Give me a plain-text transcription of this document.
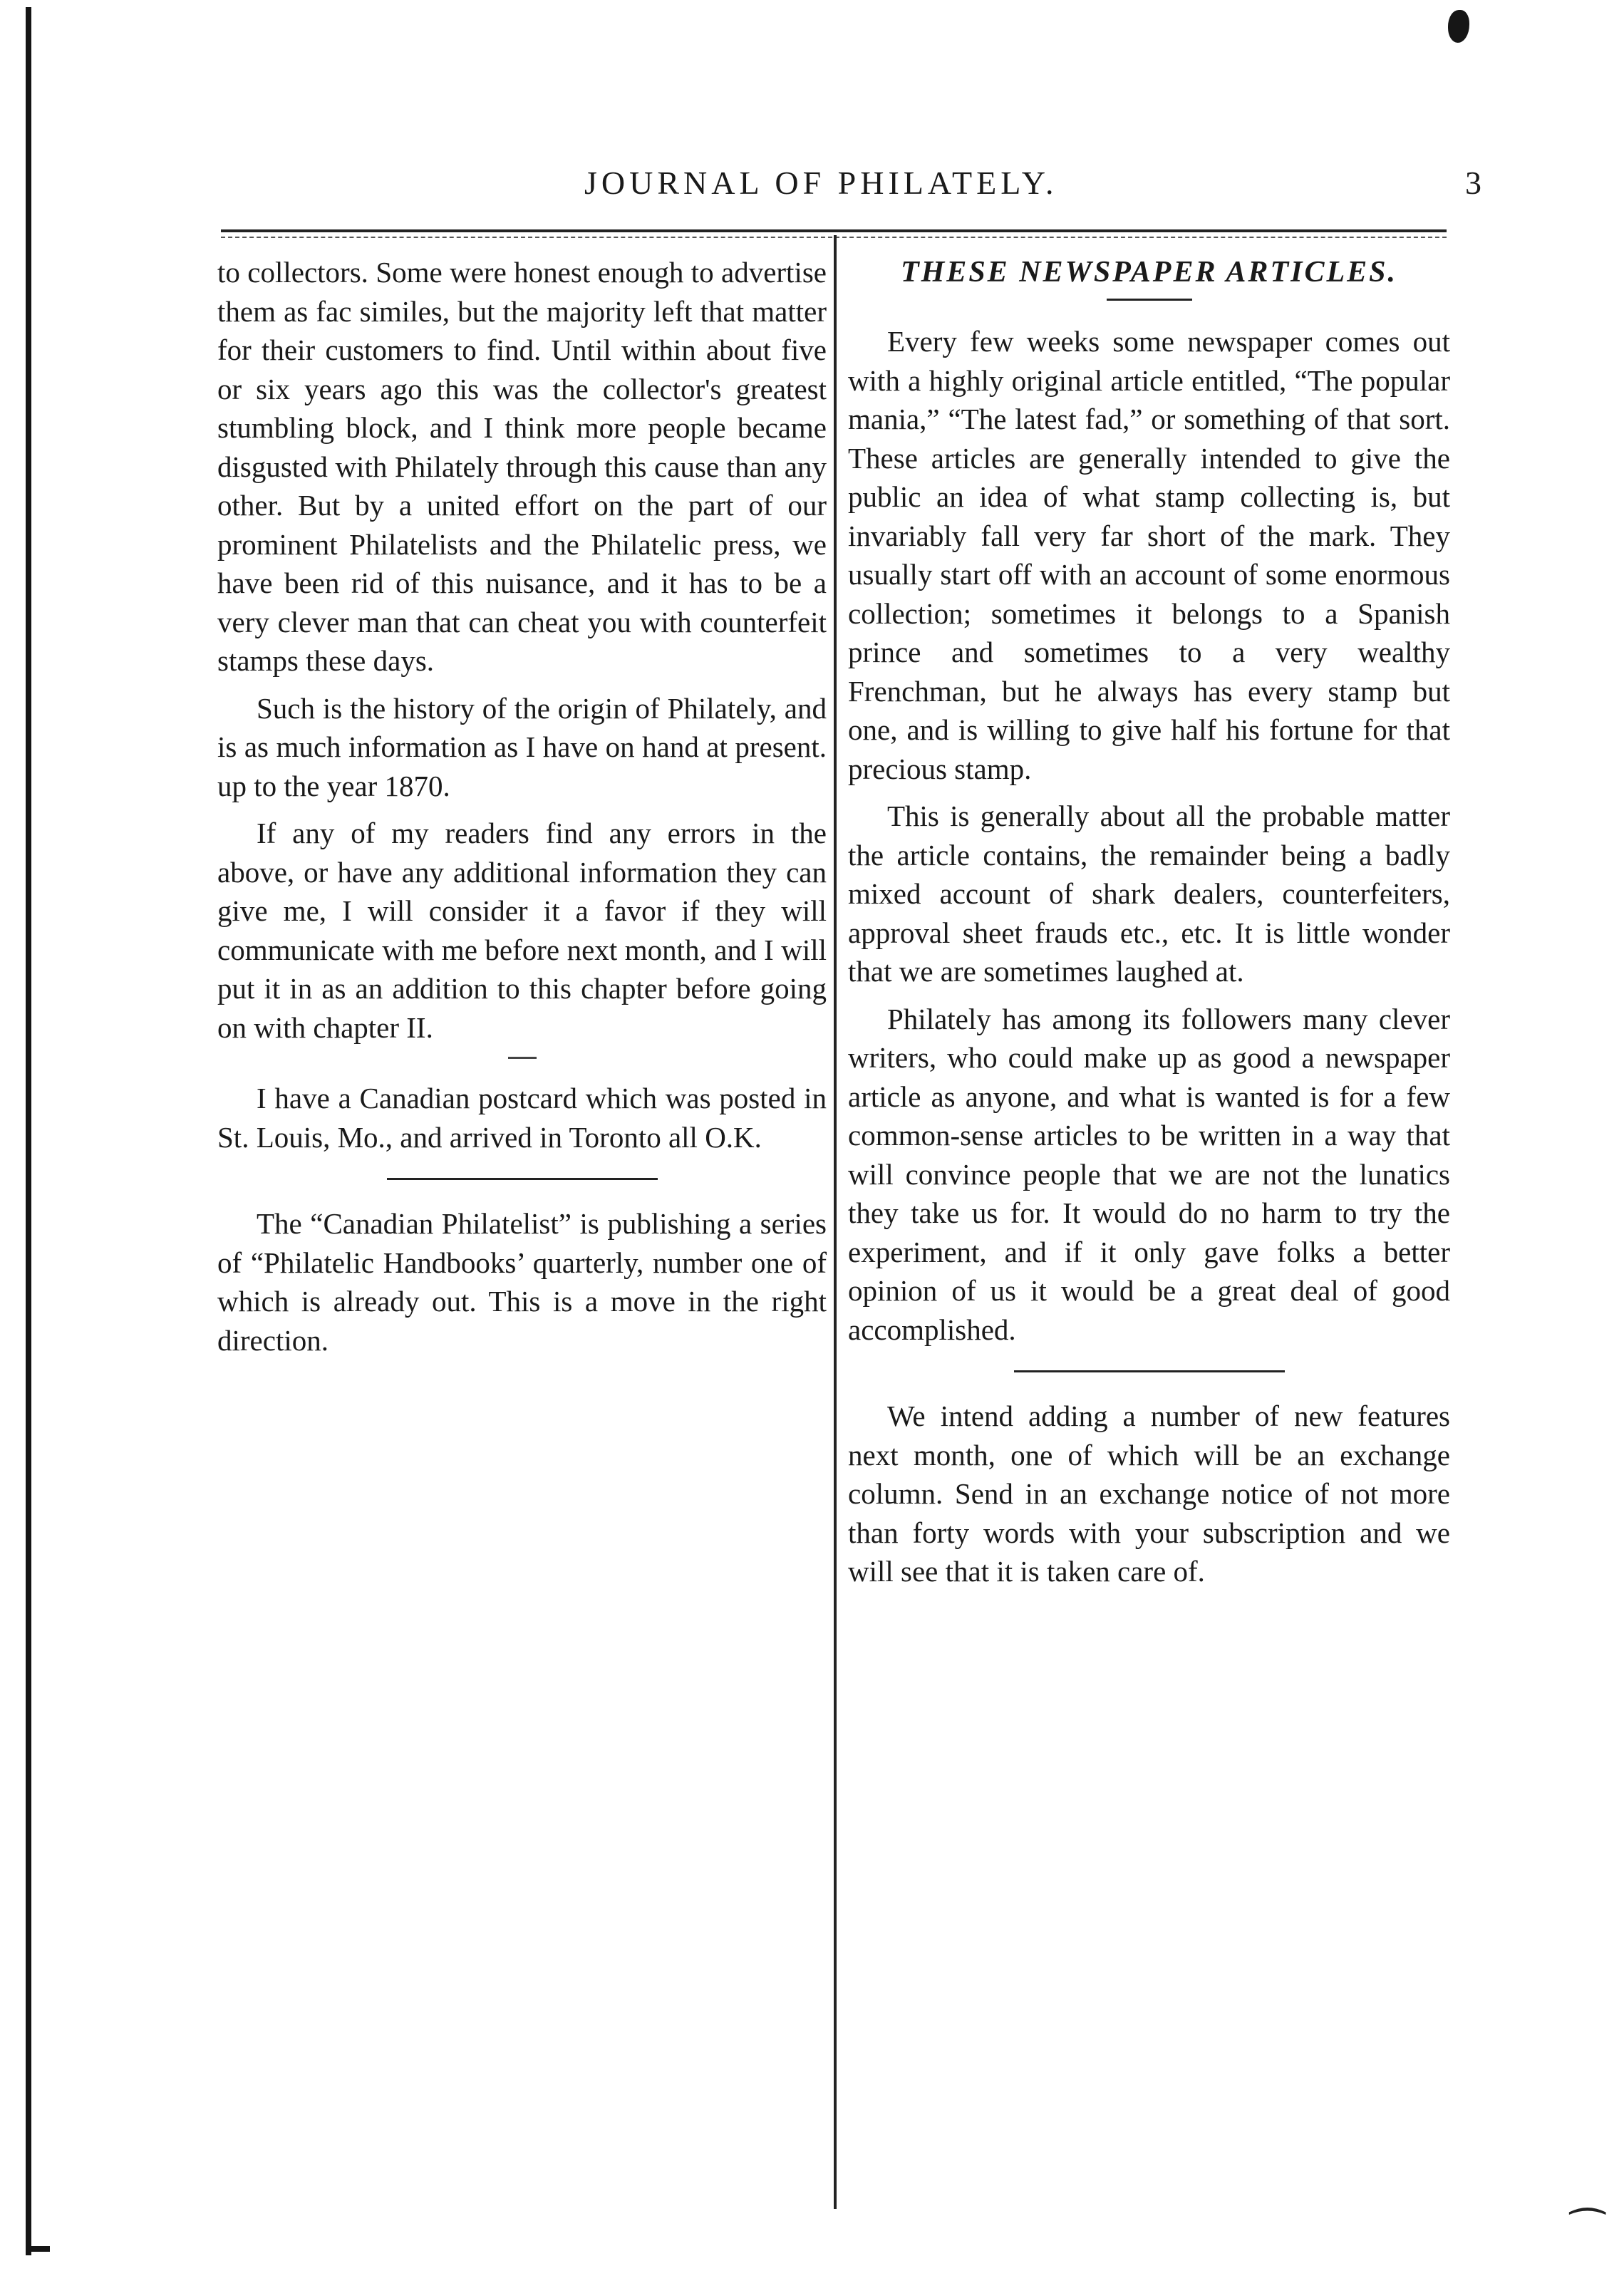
JOURNAL OF PHILATELY.	3

to collectors. Some were honest enough to advertise them as fac similes, but the majority left that matter for their customers to find. Until within about five or six years ago this was the collector's greatest stumbling block, and I think more people became disgusted with Philately through this cause than any other. But by a united effort on the part of our prominent Philatelists and the Philatelic press, we have been rid of this nuisance, and it has to be a very clever man that can cheat you with counterfeit stamps these days.

Such is the history of the origin of Philately, and is as much information as I have on hand at present. up to the year 1870.

If any of my readers find any errors in the above, or have any additional information they can give me, I will consider it a favor if they will communicate with me before next month, and I will put it in as an addition to this chapter before going on with chapter II.

I have a Canadian postcard which was posted in St. Louis, Mo., and arrived in Toronto all O.K.

The “Canadian Philatelist” is publishing a series of “Philatelic Handbooks’ quarterly, number one of which is already out. This is a move in the right direction.

THESE NEWSPAPER ARTICLES.

Every few weeks some newspaper comes out with a highly original article entitled, “The popular mania,” “The latest fad,” or something of that sort. These articles are generally intended to give the public an idea of what stamp collecting is, but invariably fall very far short of the mark. They usually start off with an account of some enormous collection; sometimes it belongs to a Spanish prince and sometimes to a very wealthy Frenchman, but he always has every stamp but one, and is willing to give half his fortune for that precious stamp.

This is generally about all the probable matter the article contains, the remainder being a badly mixed account of shark dealers, counterfeiters, approval sheet frauds etc., etc. It is little wonder that we are sometimes laughed at.

Philately has among its followers many clever writers, who could make up as good a newspaper article as anyone, and what is wanted is for a few common-sense articles to be written in a way that will convince people that we are not the lunatics they take us for. It would do no harm to try the experiment, and if it only gave folks a better opinion of us it would be a great deal of good accomplished.

We intend adding a number of new features next month, one of which will be an exchange column. Send in an exchange notice of not more than forty words with your subscription and we will see that it is taken care of.

⁀
